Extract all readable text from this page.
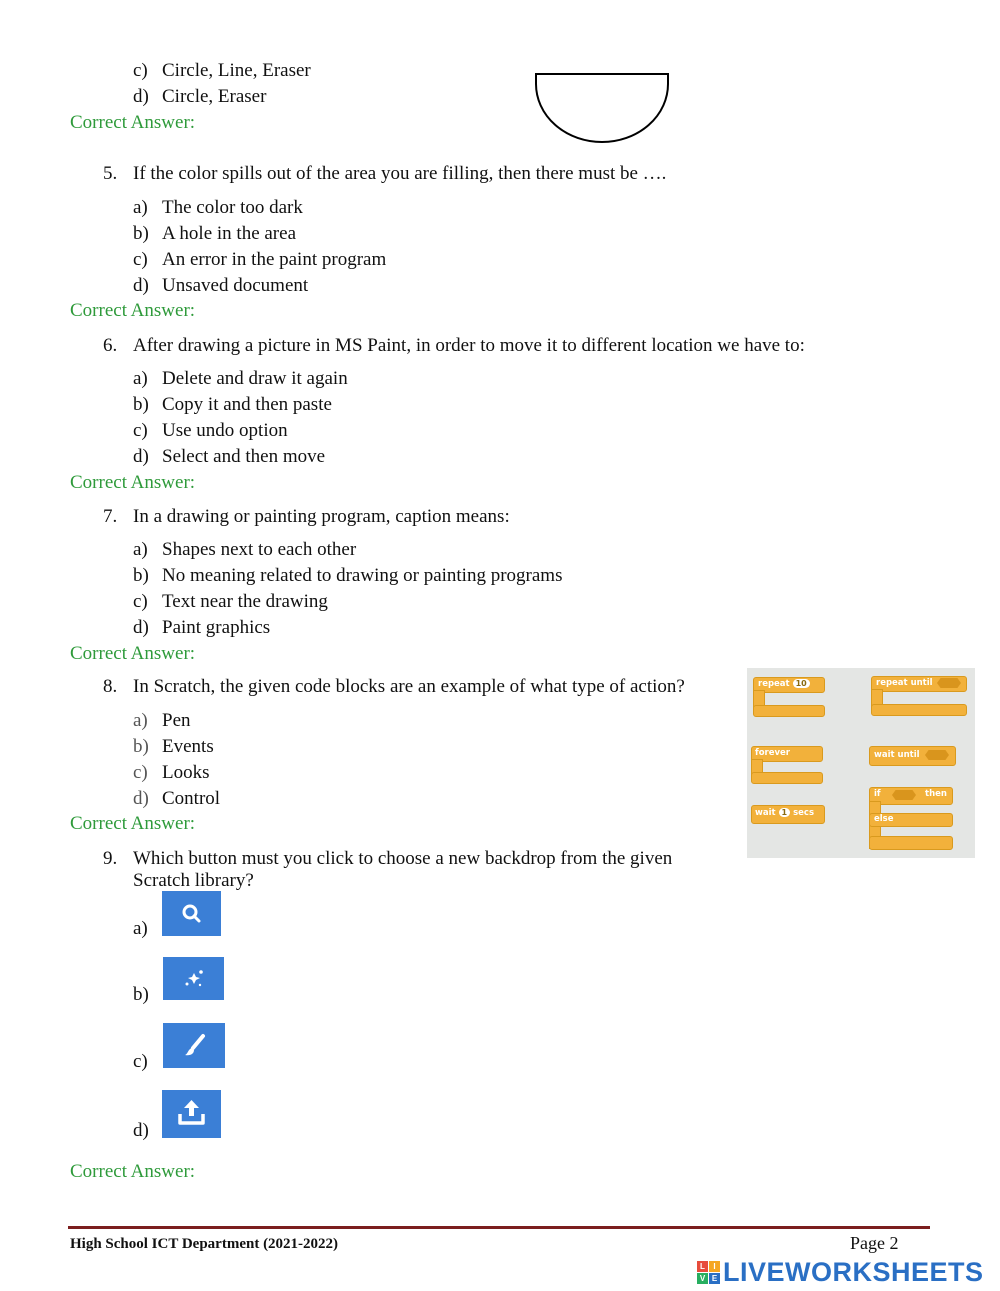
c) Circle, Line, Eraser
d) Circle, Eraser
Correct Answer:
5. If the color spills out of the area you are filling, then there must be ….
a) The color too dark
b) A hole in the area
c) An error in the paint program
d) Unsaved document
Correct Answer:
6. After drawing a picture in MS Paint, in order to move it to different location we have to:
a) Delete and draw it again
b) Copy it and then paste
c) Use undo option
d) Select and then move
Correct Answer:
7. In a drawing or painting program, caption means:
a) Shapes next to each other
b) No meaning related to drawing or painting programs
c) Text near the drawing
d) Paint graphics
Correct Answer:
8. In Scratch, the given code blocks are an example of what type of action?
a) Pen
b) Events
c) Looks
d) Control
Correct Answer:
repeat 10	repeat until
forever	wait until
wait 1 secs
if	then
else
9. Which button must you click to choose a new backdrop from the given
Scratch library?
a)
b)
c)
d)
Correct Answer:
High School ICT Department (2021-2022)	Page 2
L	I
V E LIVEWORKSHEETS
